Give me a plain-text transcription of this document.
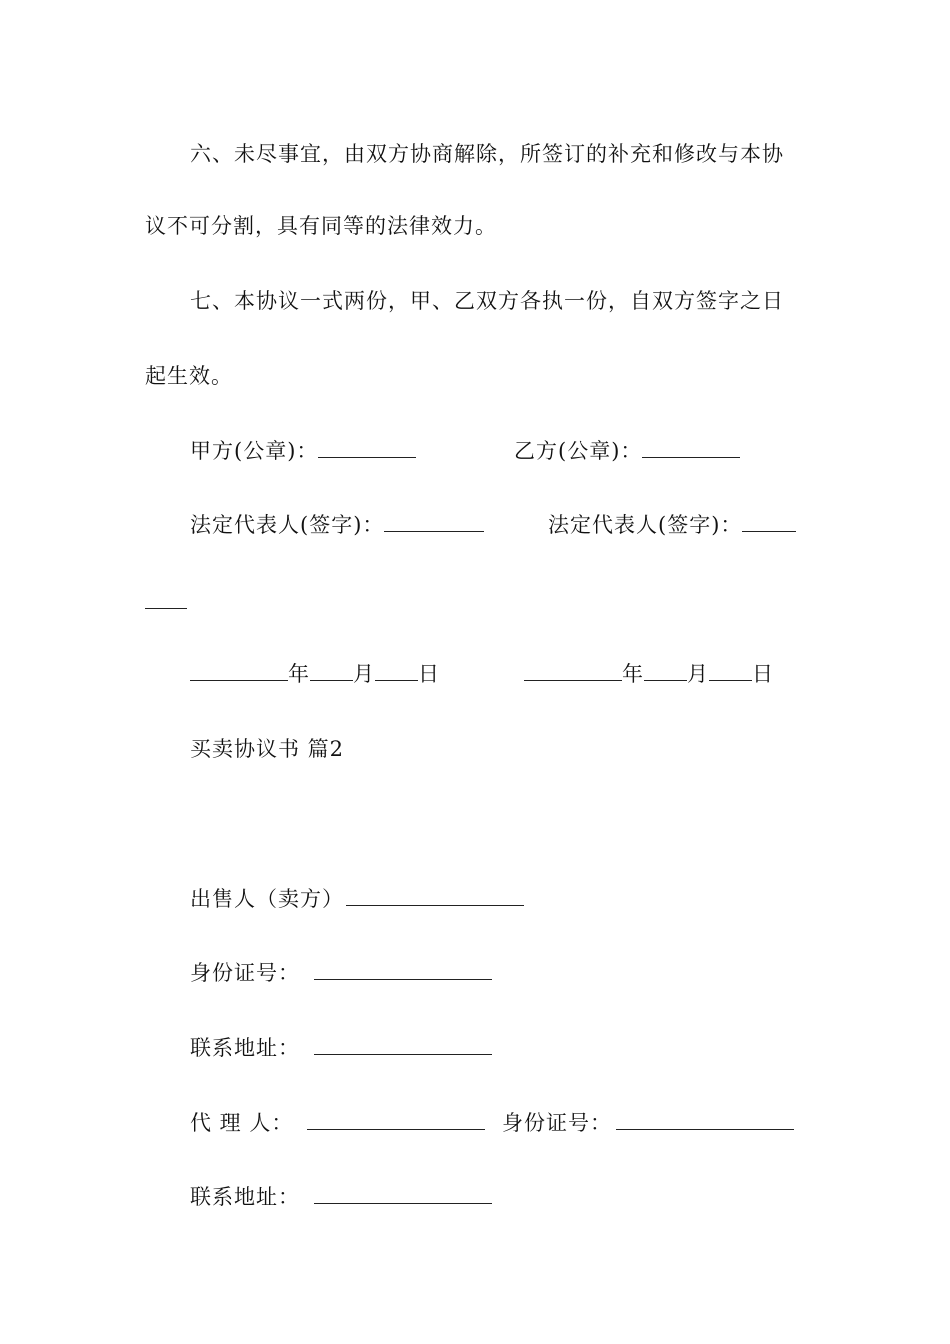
六、未尽事宜，由双方协商解除，所签订的补充和修改与本协
议不可分割，具有同等的法律效力。
七、本协议一式两份，甲、乙双方各执一份，自双方签字之日
起生效。
甲方(公章)：	乙方(公章)：
法定代表人(签字)：	法定代表人(签字)：
年 月 日	年 月 日
买卖协议书 篇2
出售人（卖方）
身份证号：
联系地址：
代 理 人：	身份证号：
联系地址：
